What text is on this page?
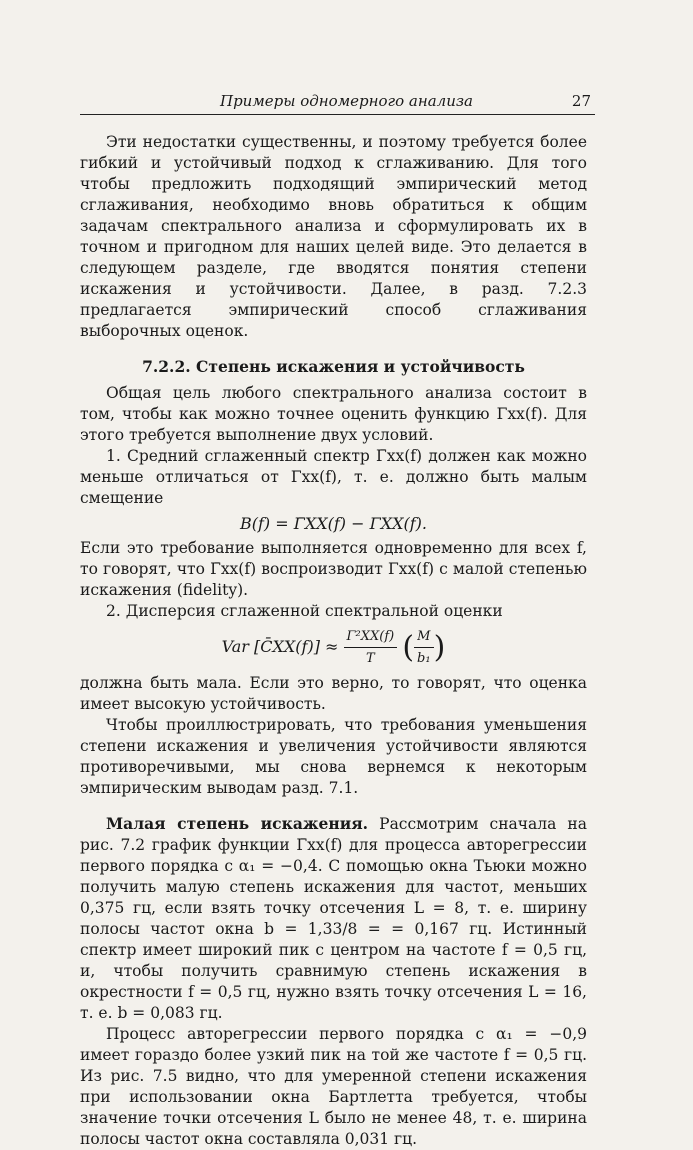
Примеры одномерного анализа	27

Эти недостатки существенны, и поэтому требуется более гибкий и устойчивый подход к сглаживанию. Для того чтобы предложить подходящий эмпирический метод сглаживания, необходимо вновь обратиться к общим задачам спектрального анализа и сформулировать их в точном и пригодном для наших целей виде. Это делается в следующем разделе, где вводятся понятия степени искажения и устойчивости. Далее, в разд. 7.2.3 предлагается эмпирический способ сглаживания выборочных оценок.

7.2.2. Степень искажения и устойчивость

Общая цель любого спектрального анализа состоит в том, чтобы как можно точнее оценить функцию Γxx(f). Для этого требуется выполнение двух условий.

1. Средний сглаженный спектр Γ̄xx(f) должен как можно меньше отличаться от Γxx(f), т. е. должно быть малым смещение

B(f) = Γ̄XX(f) − ΓXX(f).

Если это требование выполняется одновременно для всех f, то говорят, что Γ̄xx(f) воспроизводит Γxx(f) с малой степенью искажения (fidelity).

2. Дисперсия сглаженной спектральной оценки

Var [C̄XX(f)] ≈ $\frac{\text{Γ²XX(f)}}{T}$ ( $\frac{M}{\text{b₁}}$ )

должна быть мала. Если это верно, то говорят, что оценка имеет высокую устойчивость.

Чтобы проиллюстрировать, что требования уменьшения степени искажения и увеличения устойчивости являются противоречивыми, мы снова вернемся к некоторым эмпирическим выводам разд. 7.1.

Малая степень искажения. Рассмотрим сначала на рис. 7.2 график функции Γ̄xx(f) для процесса авторегрессии первого порядка с α₁ = −0,4. С помощью окна Тьюки можно получить малую степень искажения для частот, меньших 0,375 гц, если взять точку отсечения L = 8, т. е. ширину полосы частот окна b = 1,33/8 = = 0,167 гц. Истинный спектр имеет широкий пик с центром на частоте f = 0,5 гц, и, чтобы получить сравнимую степень искажения в окрестности f = 0,5 гц, нужно взять точку отсечения L = 16, т. е. b = 0,083 гц.

Процесс авторегрессии первого порядка с α₁ = −0,9 имеет гораздо более узкий пик на той же частоте f = 0,5 гц. Из рис. 7.5 видно, что для умеренной степени искажения при использовании окна Бартлетта требуется, чтобы значение точки отсечения L было не менее 48, т. е. ширина полосы частот окна составляла 0,031 гц.
